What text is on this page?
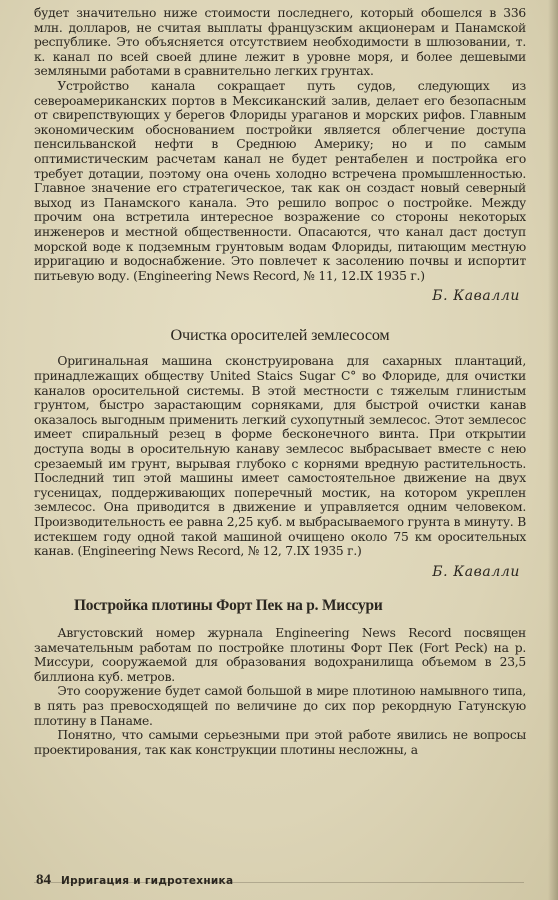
будет значительно ниже стоимости последнего, который обошелся в 336 млн. долларов, не считая выплаты французским акционерам и Панамской республике. Это объясняется отсутствием необходимости в шлюзовании, т. к. канал по всей своей длине лежит в уровне моря, и более дешевыми земляными работами в сравнительно легких грунтах.

Устройство канала сокращает путь судов, следующих из североамериканских портов в Мексиканский залив, делает его безопасным от свирепствующих у берегов Флориды ураганов и морских рифов. Главным экономическим обоснованием постройки является облегчение доступа пенсильванской нефти в Среднюю Америку; но и по самым оптимистическим расчетам канал не будет рентабелен и постройка его требует дотации, поэтому она очень холодно встречена промышленностью. Главное значение его стратегическое, так как он создаст новый северный выход из Панамского канала. Это решило вопрос о постройке. Между прочим она встретила интересное возражение со стороны некоторых инженеров и местной общественности. Опасаются, что канал даст доступ морской воде к подземным грунтовым водам Флориды, питающим местную ирригацию и водоснабжение. Это повлечет к засолению почвы и испортит питьевую воду. (Engineering News Record, № 11, 12.IX 1935 г.)

Б. Кавалли
Очистка оросителей землесосом

Оригинальная машина сконструирована для сахарных плантаций, принадлежащих обществу United Staics Sugar C° во Флориде, для очистки каналов оросительной системы. В этой местности с тяжелым глинистым грунтом, быстро зарастающим сорняками, для быстрой очистки канав оказалось выгодным применить легкий сухопутный землесос. Этот землесос имеет спиральный резец в форме бесконечного винта. При открытии доступа воды в оросительную канаву землесос выбрасывает вместе с нею срезаемый им грунт, вырывая глубоко с корнями вредную растительность. Последний тип этой машины имеет самостоятельное движение на двух гусеницах, поддерживающих поперечный мостик, на котором укреплен землесос. Она приводится в движение и управляется одним человеком. Производительность ее равна 2,25 куб. м выбрасываемого грунта в минуту. В истекшем году одной такой машиной очищено около 75 км оросительных канав. (Engineering News Record, № 12, 7.IX 1935 г.)

Б. Кавалли
Постройка плотины Форт Пек на р. Миссури

Августовский номер журнала Engineering News Record посвящен замечательным работам по постройке плотины Форт Пек (Fort Peck) на р. Миссури, сооружаемой для образования водохранилища объемом в 23,5 биллиона куб. метров.

Это сооружение будет самой большой в мире плотиною намывного типа, в пять раз превосходящей по величине до сих пор рекордную Гатунскую плотину в Панаме.

Понятно, что самыми серьезными при этой работе явились не вопросы проектирования, так как конструкции плотины несложны, а

84 Ирригация и гидротехника
